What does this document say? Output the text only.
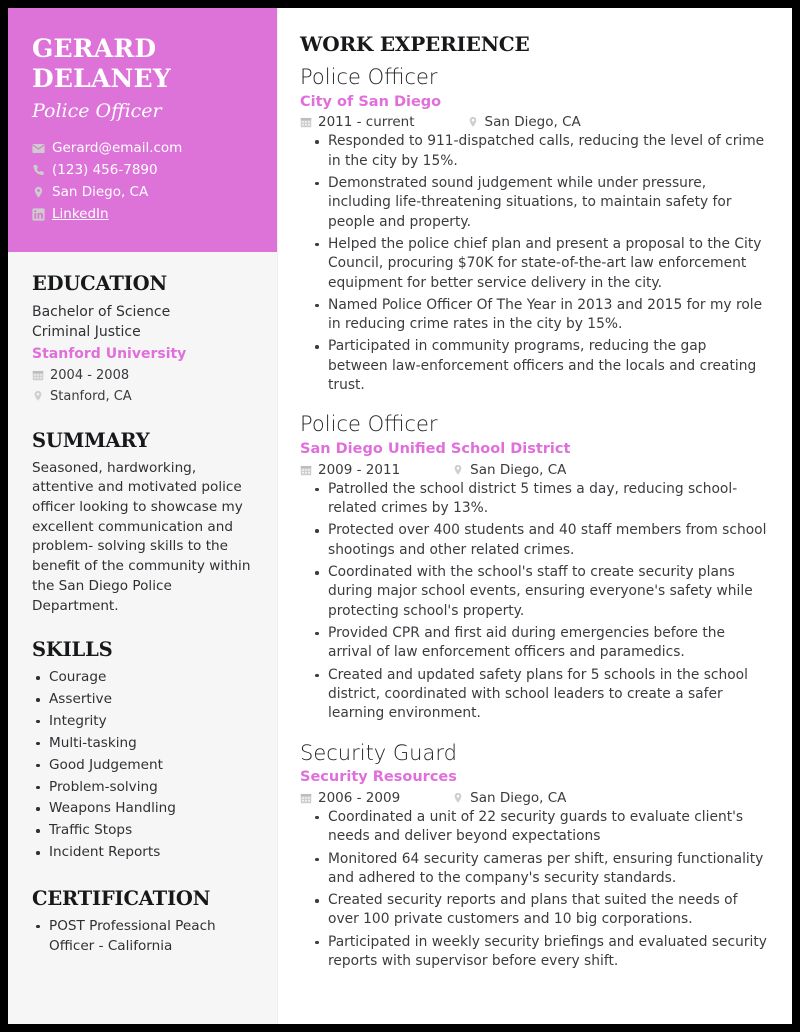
GERARD
DELANEY
Police Officer
Gerard@email.com
(123) 456-7890
San Diego, CA
LinkedIn
EDUCATION
Bachelor of Science
Criminal Justice
Stanford University
2004 - 2008
Stanford, CA
SUMMARY

Seasoned, hardworking, attentive and motivated police officer looking to showcase my excellent communication and problem- solving skills to the benefit of the community within the San Diego Police Department.

SKILLS
Courage
Assertive
Integrity
Multi-tasking
Good Judgement
Problem-solving
Weapons Handling
Traffic Stops
Incident Reports
CERTIFICATION
POST Professional Peach Officer - California
WORK EXPERIENCE
Police Officer
City of San Diego
2011 - current	San Diego, CA
Responded to 911-dispatched calls, reducing the level of crime in the city by 15%.
Demonstrated sound judgement while under pressure, including life-threatening situations, to maintain safety for people and property.
Helped the police chief plan and present a proposal to the City Council, procuring $70K for state-of-the-art law enforcement equipment for better service delivery in the city.
Named Police Officer Of The Year in 2013 and 2015 for my role in reducing crime rates in the city by 15%.
Participated in community programs, reducing the gap between law-enforcement officers and the locals and creating trust.
Police Officer
San Diego Unified School District
2009 - 2011	San Diego, CA
Patrolled the school district 5 times a day, reducing school-related crimes by 13%.
Protected over 400 students and 40 staff members from school shootings and other related crimes.
Coordinated with the school's staff to create security plans during major school events, ensuring everyone's safety while protecting school's property.
Provided CPR and first aid during emergencies before the arrival of law enforcement officers and paramedics.
Created and updated safety plans for 5 schools in the school district, coordinated with school leaders to create a safer learning environment.
Security Guard
Security Resources
2006 - 2009	San Diego, CA
Coordinated a unit of 22 security guards to evaluate client's needs and deliver beyond expectations
Monitored 64 security cameras per shift, ensuring functionality and adhered to the company's security standards.
Created security reports and plans that suited the needs of over 100 private customers and 10 big corporations.
Participated in weekly security briefings and evaluated security reports with supervisor before every shift.
